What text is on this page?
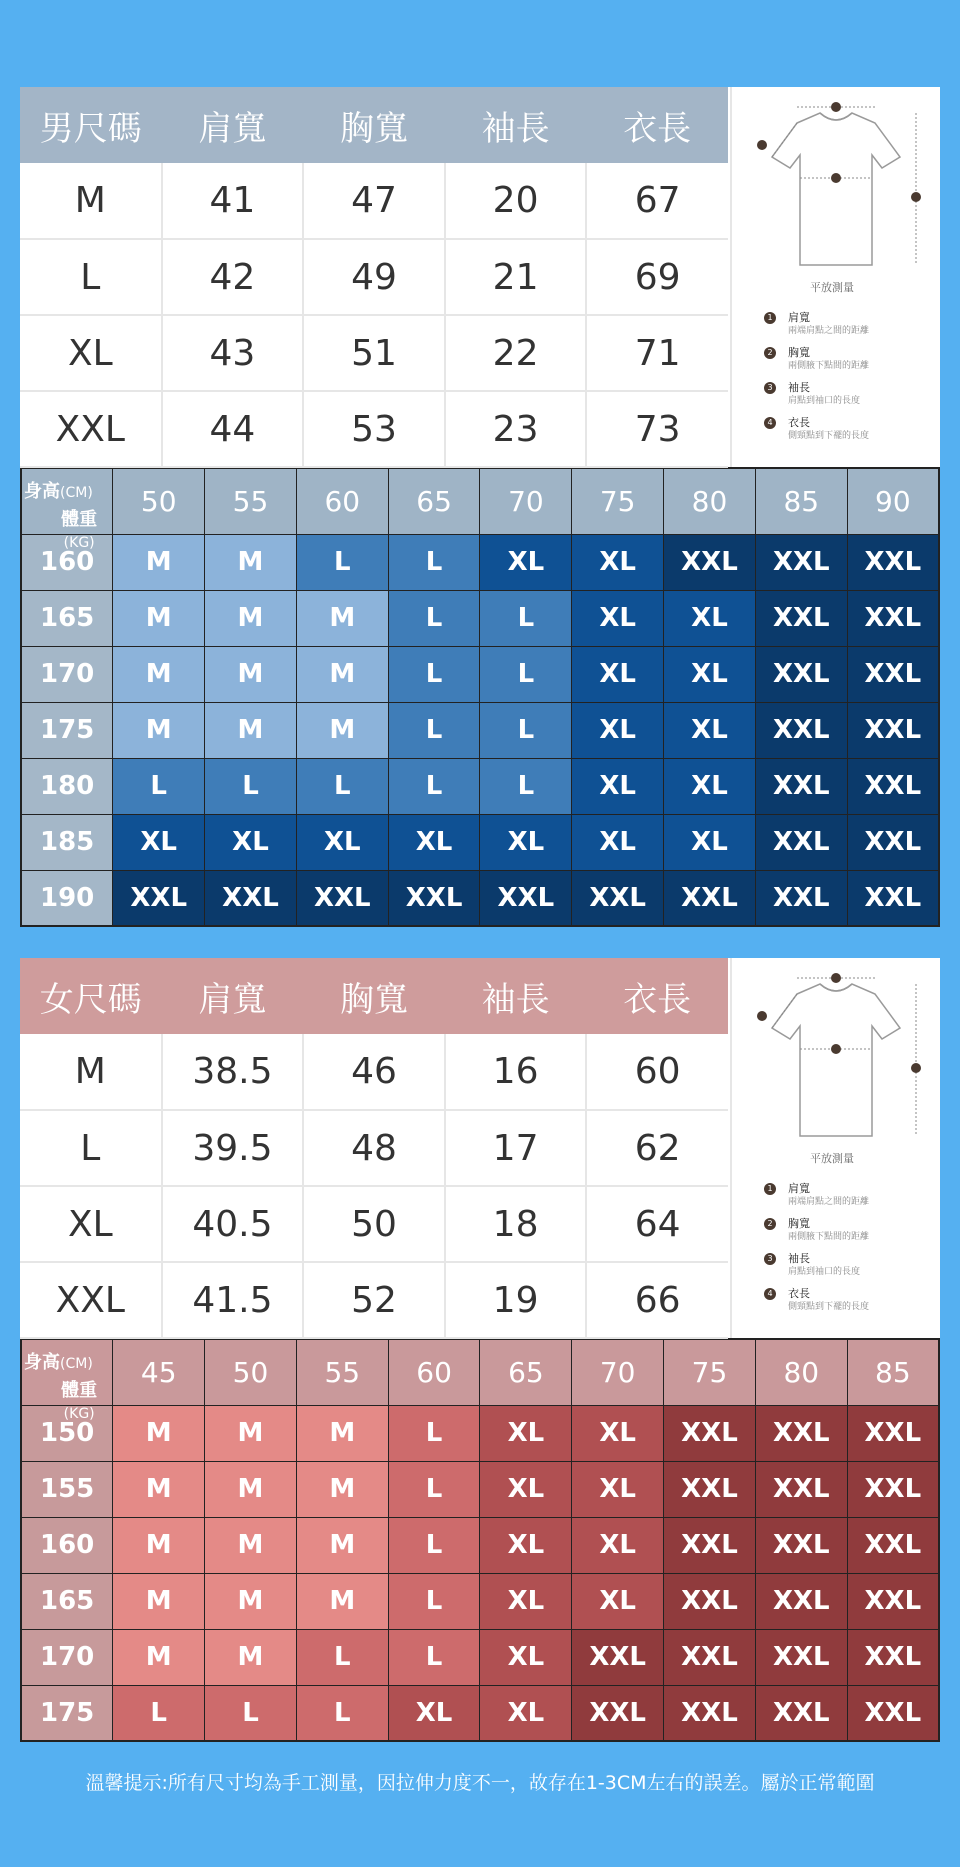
男尺碼	肩寬	胸寬	袖長	衣長
M	41	47	20	67
L	42	49	21	69
XL	43	51	22	71
XXL	44	53	23	73
平放測量
1	肩寬
兩端肩點之間的距離
2	胸寬
兩側腋下點間的距離
3	袖長
肩點到袖口的長度
4	衣長
側頸點到下襬的長度
身高(CM)
體重(KG)	50	55	60	65	70	75	80	85	90
160	M	M	L	L	XL	XL	XXL	XXL	XXL
165	M	M	M	L	L	XL	XL	XXL	XXL
170	M	M	M	L	L	XL	XL	XXL	XXL
175	M	M	M	L	L	XL	XL	XXL	XXL
180	L	L	L	L	L	XL	XL	XXL	XXL
185	XL	XL	XL	XL	XL	XL	XL	XXL	XXL
190	XXL	XXL	XXL	XXL	XXL	XXL	XXL	XXL	XXL
女尺碼	肩寬	胸寬	袖長	衣長
M	38.5	46	16	60
L	39.5	48	17	62
XL	40.5	50	18	64
XXL	41.5	52	19	66
平放測量
1	肩寬
兩端肩點之間的距離
2	胸寬
兩側腋下點間的距離
3	袖長
肩點到袖口的長度
4	衣長
側頸點到下襬的長度
身高(CM)
體重(KG)	45	50	55	60	65	70	75	80	85
150	M	M	M	L	XL	XL	XXL	XXL	XXL
155	M	M	M	L	XL	XL	XXL	XXL	XXL
160	M	M	M	L	XL	XL	XXL	XXL	XXL
165	M	M	M	L	XL	XL	XXL	XXL	XXL
170	M	M	L	L	XL	XXL	XXL	XXL	XXL
175	L	L	L	XL	XL	XXL	XXL	XXL	XXL
溫馨提示:所有尺寸均為手工測量，因拉伸力度不一，故存在1-3CM左右的誤差。屬於正常範圍
